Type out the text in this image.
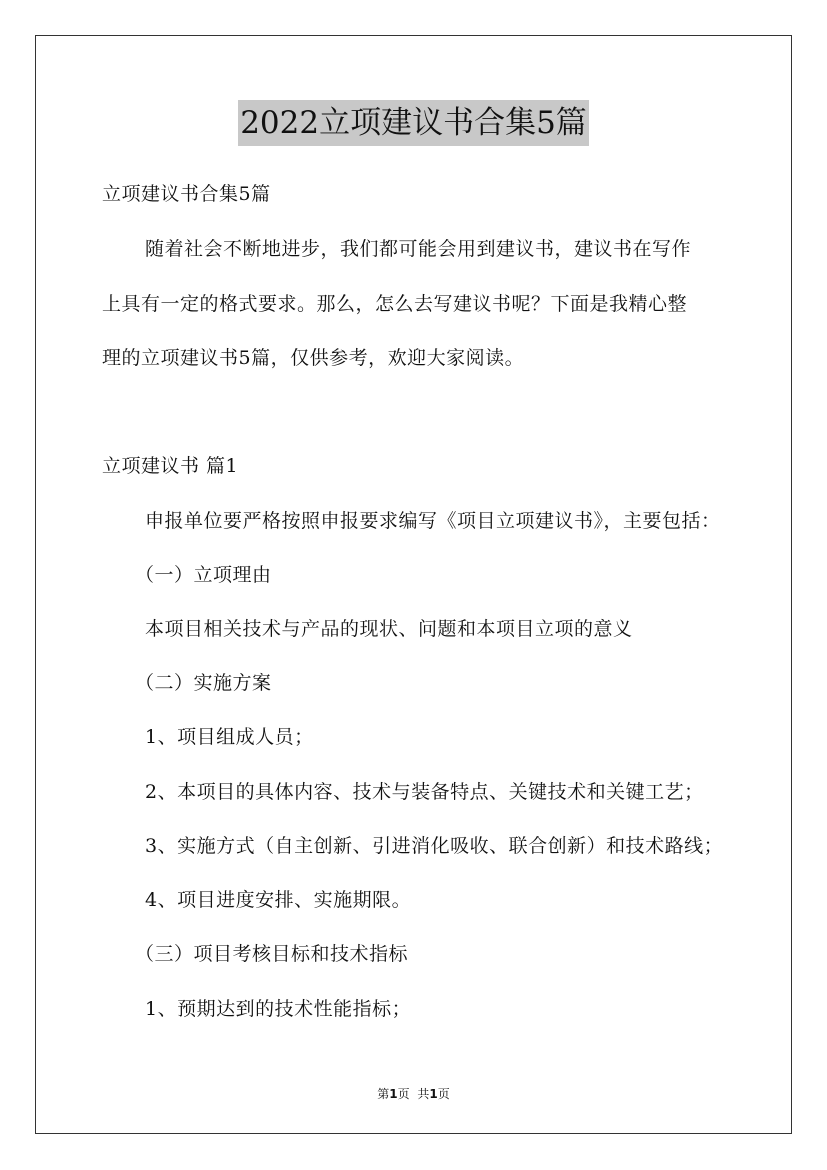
2022立项建议书合集5篇
立项建议书合集5篇
随着社会不断地进步，我们都可能会用到建议书，建议书在写作
上具有一定的格式要求。那么，怎么去写建议书呢？下面是我精心整
理的立项建议书5篇，仅供参考，欢迎大家阅读。
立项建议书 篇1
申报单位要严格按照申报要求编写《项目立项建议书》，主要包括：
（一）立项理由
本项目相关技术与产品的现状、问题和本项目立项的意义
（二）实施方案
1、项目组成人员；
2、本项目的具体内容、技术与装备特点、关键技术和关键工艺；
3、实施方式（自主创新、引进消化吸收、联合创新）和技术路线；
4、项目进度安排、实施期限。
（三）项目考核目标和技术指标
1、预期达到的技术性能指标；
第1页 共1页
